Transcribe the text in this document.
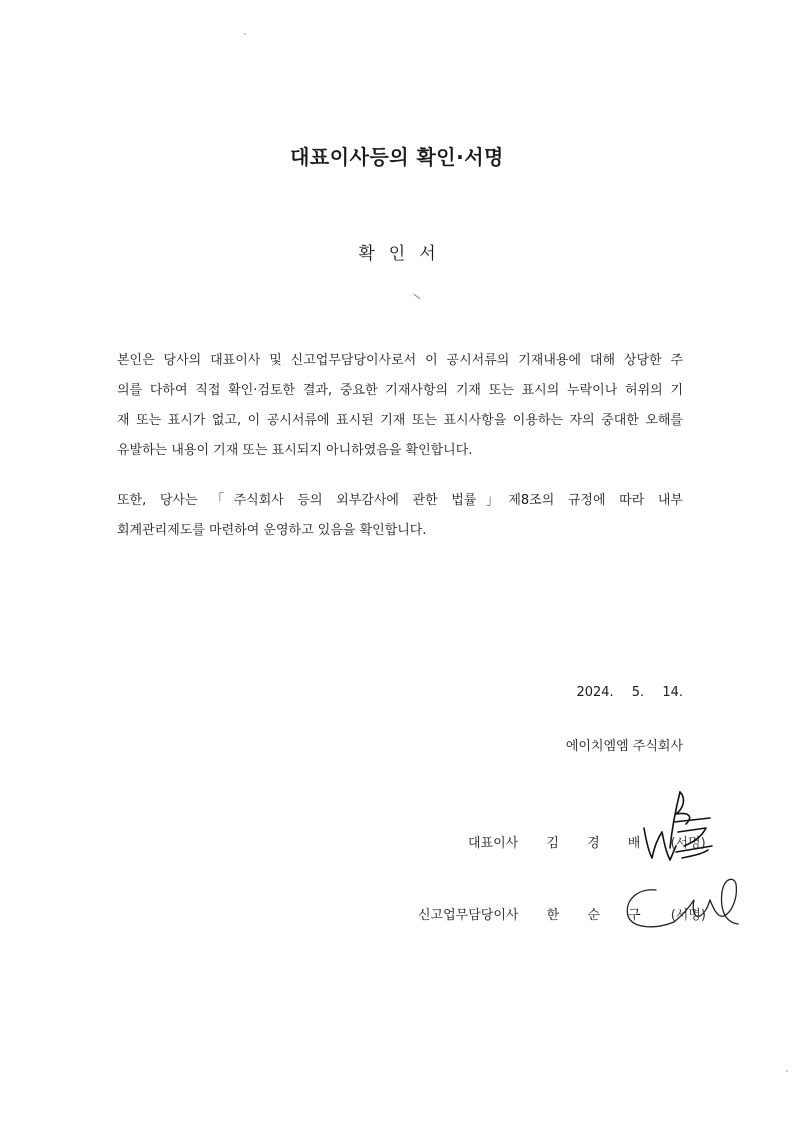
대표이사등의 확인·서명
확인서
본인은 당사의 대표이사 및 신고업무담당이사로서 이 공시서류의 기재내용에 대해 상당한 주
의를 다하여 직접 확인·검토한 결과, 중요한 기재사항의 기재 또는 표시의 누락이나 허위의 기
재 또는 표시가 없고, 이 공시서류에 표시된 기재 또는 표시사항을 이용하는 자의 중대한 오해를
유발하는 내용이 기재 또는 표시되지 아니하였음을 확인합니다.
또한, 당사는 「주식회사 등의 외부감사에 관한 법률」제8조의 규정에 따라 내부
회계관리제도를 마련하여 운영하고 있음을 확인합니다.
2024. 5. 14.
에이치엠엠 주식회사
대표이사 김 경 배 (서명)
신고업무담당이사 한 순 구 (서명)
